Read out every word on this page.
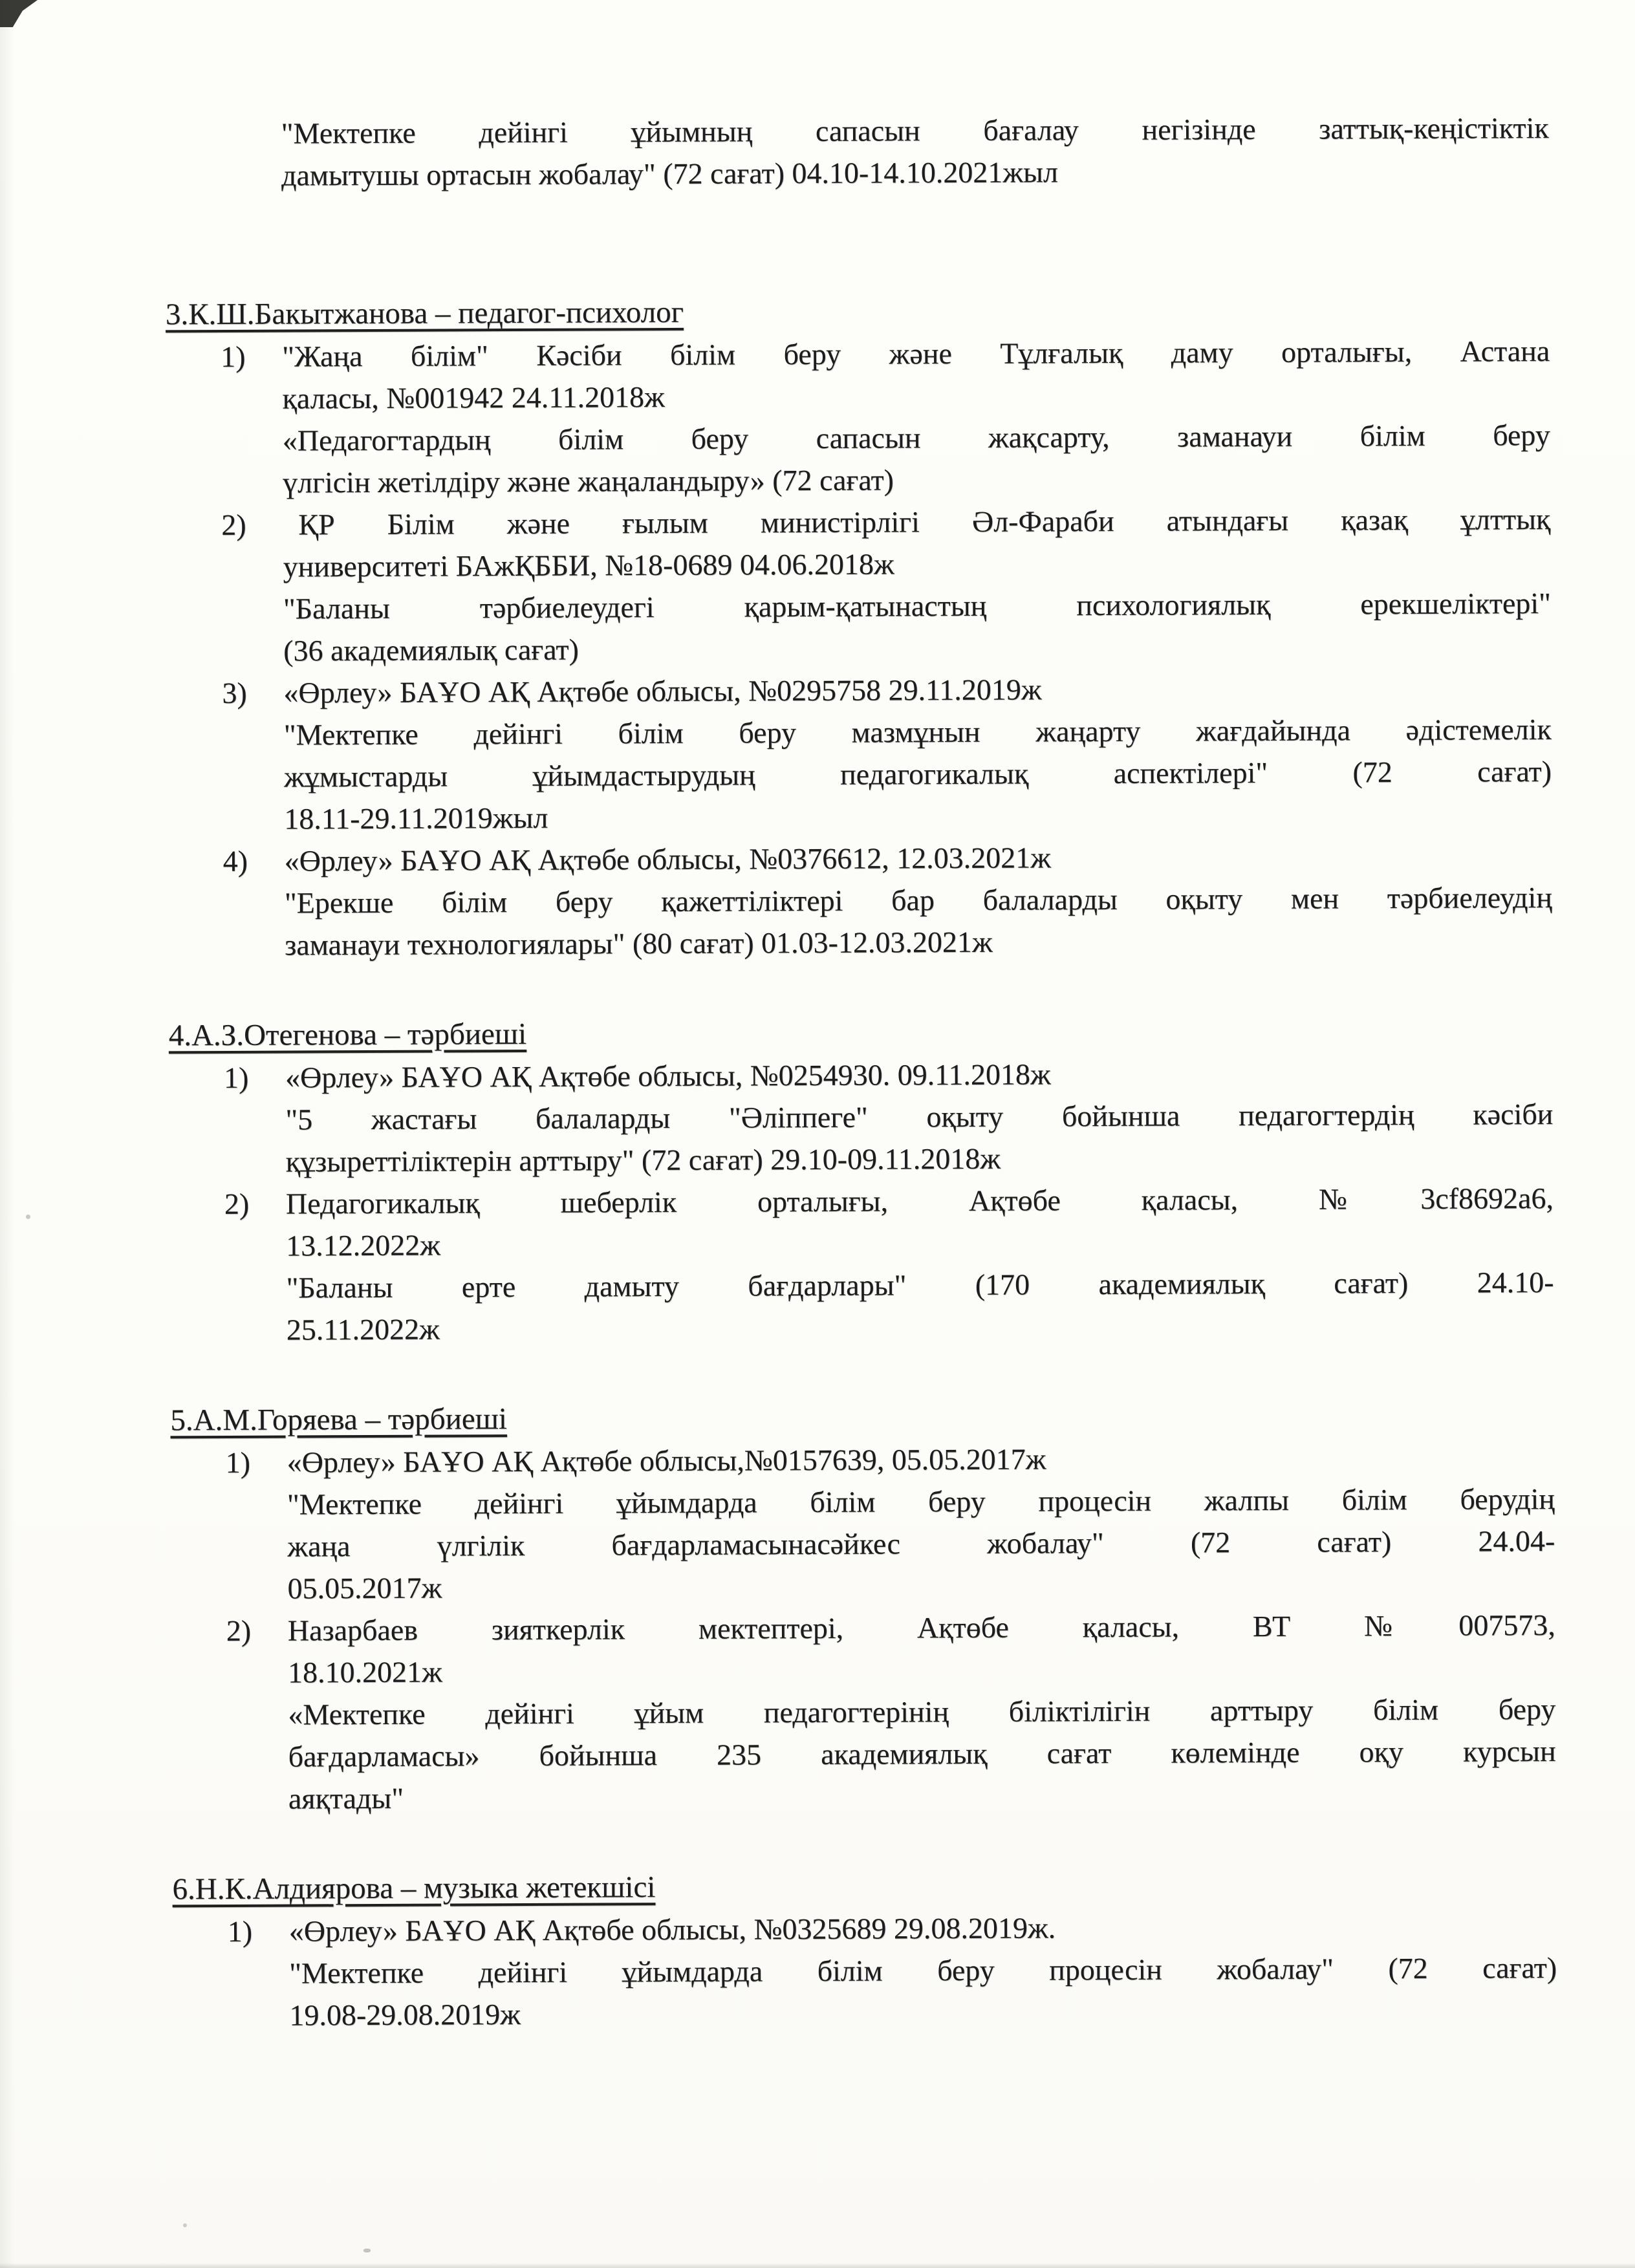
"Мектепке дейінгі ұйымның сапасын бағалау негізінде заттық-кеңістіктік
дамытушы ортасын жобалау" (72 сағат) 04.10-14.10.2021жыл
3.К.Ш.Бакытжанова – педагог-психолог
1)	"Жаңа білім" Кәсіби білім беру және Тұлғалық даму орталығы, Астана
қаласы, №001942 24.11.2018ж
«Педагогтардың білім беру сапасын жақсарту, заманауи білім беру
үлгісін жетілдіру және жаңаландыру» (72 сағат)
2)	ҚР Білім және ғылым министірлігі Әл-Фараби атындағы қазақ ұлттық
университеті БАжҚББИ, №18-0689 04.06.2018ж
"Баланы тәрбиелеудегі қарым-қатынастың психологиялық ерекшеліктері"
(36 академиялық сағат)
3)	«Өрлеу» БАҰО АҚ Ақтөбе облысы, №0295758 29.11.2019ж
"Мектепке дейінгі білім беру мазмұнын жаңарту жағдайында әдістемелік
жұмыстарды ұйымдастырудың педагогикалық аспектілері" (72 сағат)
18.11-29.11.2019жыл
4)	«Өрлеу» БАҰО АҚ Ақтөбе облысы, №0376612, 12.03.2021ж
"Ерекше білім беру қажеттіліктері бар балаларды оқыту мен тәрбиелеудің
заманауи технологиялары" (80 сағат) 01.03-12.03.2021ж
4.А.З.Отегенова – тәрбиеші
1)	«Өрлеу» БАҰО АҚ Ақтөбе облысы, №0254930. 09.11.2018ж
"5 жастағы балаларды "Әліппеге" оқыту бойынша педагогтердің кәсіби
құзыреттіліктерін арттыру" (72 сағат) 29.10-09.11.2018ж
2)	Педагогикалық шеберлік орталығы, Ақтөбе қаласы, №3cf8692a6,
13.12.2022ж
"Баланы ерте дамыту бағдарлары" (170 академиялық сағат) 24.10-
25.11.2022ж
5.А.М.Горяева – тәрбиеші
1)	«Өрлеу» БАҰО АҚ Ақтөбе облысы,№0157639, 05.05.2017ж
"Мектепке дейінгі ұйымдарда білім беру процесін жалпы білім берудің
жаңа үлгілік бағдарламасынасәйкес жобалау" (72 сағат) 24.04-
05.05.2017ж
2)	Назарбаев зияткерлік мектептері, Ақтөбе қаласы, ВТ №007573,
18.10.2021ж
«Мектепке дейінгі ұйым педагогтерінің біліктілігін арттыру білім беру
бағдарламасы» бойынша 235 академиялық сағат көлемінде оқу курсын
аяқтады"
6.Н.К.Алдиярова – музыка жетекшісі
1)	«Өрлеу» БАҰО АҚ Ақтөбе облысы, №0325689 29.08.2019ж.
"Мектепке дейінгі ұйымдарда білім беру процесін жобалау" (72 сағат)
19.08-29.08.2019ж
